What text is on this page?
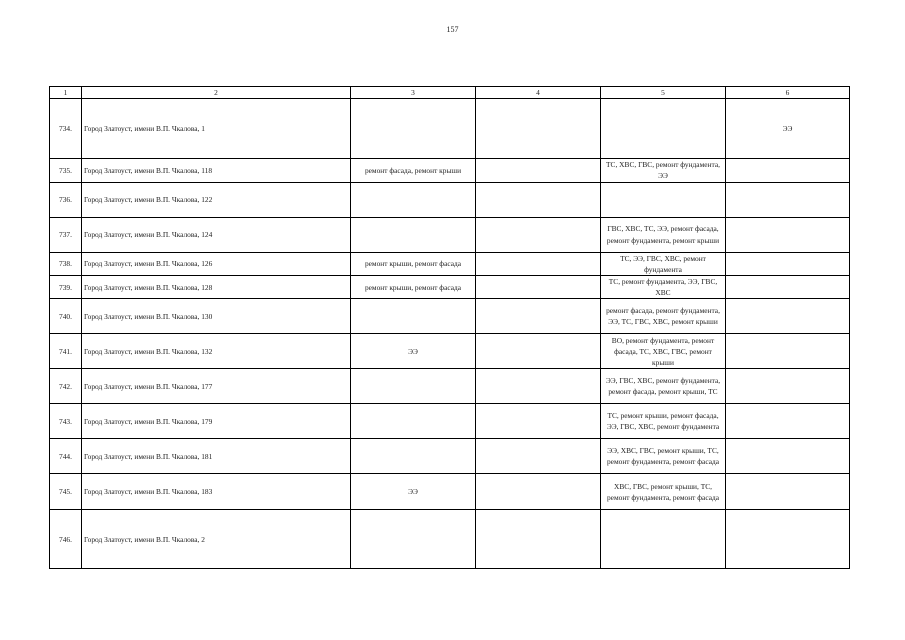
157
1	2	3	4	5	6
734.	Город Златоуст, имени В.П. Чкалова, 1				ЭЭ
735.	Город Златоуст, имени В.П. Чкалова, 118	ремонт фасада, ремонт крыши		ТС, ХВС, ГВС, ремонт фундамента, ЭЭ	
736.	Город Златоуст, имени В.П. Чкалова, 122				
737.	Город Златоуст, имени В.П. Чкалова, 124			ГВС, ХВС, ТС, ЭЭ, ремонт фасада, ремонт фундамента, ремонт крыши	
738.	Город Златоуст, имени В.П. Чкалова, 126	ремонт крыши, ремонт фасада		ТС, ЭЭ, ГВС, ХВС, ремонт фундамента	
739.	Город Златоуст, имени В.П. Чкалова, 128	ремонт крыши, ремонт фасада		ТС, ремонт фундамента, ЭЭ, ГВС, ХВС	
740.	Город Златоуст, имени В.П. Чкалова, 130			ремонт фасада, ремонт фундамента, ЭЭ, ТС, ГВС, ХВС, ремонт крыши	
741.	Город Златоуст, имени В.П. Чкалова, 132	ЭЭ		ВО, ремонт фундамента, ремонт фасада, ТС, ХВС, ГВС, ремонт крыши	
742.	Город Златоуст, имени В.П. Чкалова, 177			ЭЭ, ГВС, ХВС, ремонт фундамента, ремонт фасада, ремонт крыши, ТС	
743.	Город Златоуст, имени В.П. Чкалова, 179			ТС, ремонт крыши, ремонт фасада, ЭЭ, ГВС, ХВС, ремонт фундамента	
744.	Город Златоуст, имени В.П. Чкалова, 181			ЭЭ, ХВС, ГВС, ремонт крыши, ТС, ремонт фундамента, ремонт фасада	
745.	Город Златоуст, имени В.П. Чкалова, 183	ЭЭ		ХВС, ГВС, ремонт крыши, ТС, ремонт фундамента, ремонт фасада	
746.	Город Златоуст, имени В.П. Чкалова, 2				
